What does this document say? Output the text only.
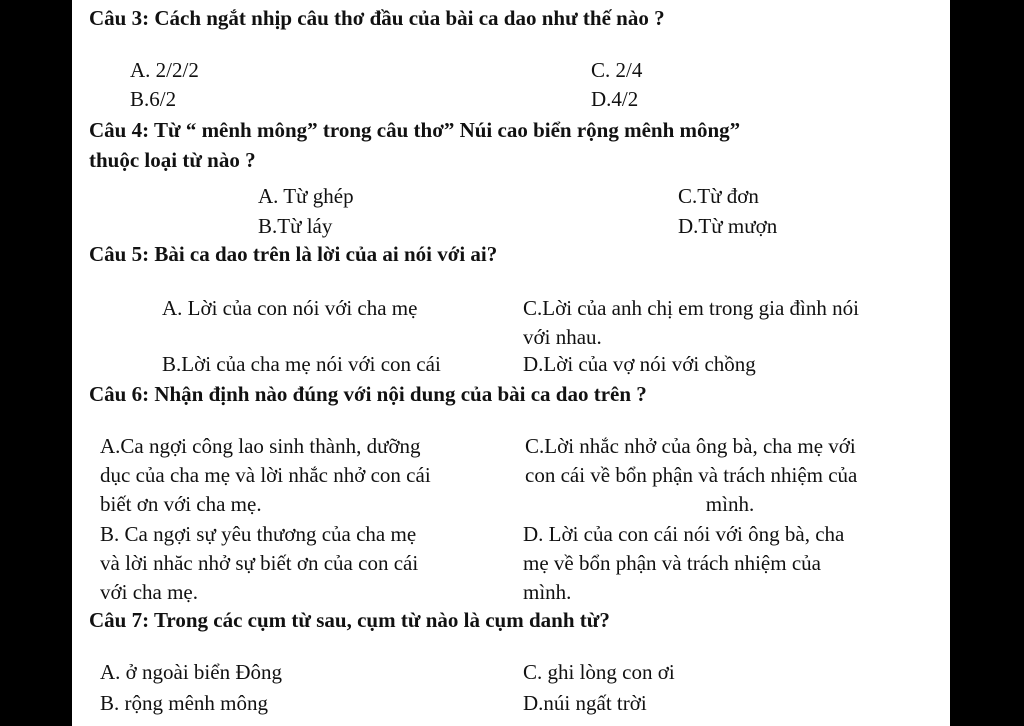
Câu 3: Cách ngắt nhịp câu thơ đầu của bài ca dao như thế nào ?
A. 2/2/2
B.6/2
C. 2/4
D.4/2
Câu 4: Từ “ mênh mông” trong câu thơ” Núi cao biển rộng mênh mông”
thuộc loại từ nào ?
A. Từ ghép
B.Từ láy
C.Từ đơn
D.Từ mượn
Câu 5: Bài ca dao trên là lời của ai nói với ai?
A. Lời của con nói với cha mẹ
B.Lời của cha mẹ nói với con cái
C.Lời của anh chị em trong gia đình nói
với nhau.
D.Lời của vợ nói với chồng
Câu 6: Nhận định nào đúng với nội dung của bài ca dao trên ?
A.Ca ngợi công lao sinh thành, dưỡng
dục của cha mẹ và lời nhắc nhở con cái
biết ơn với cha mẹ.
B. Ca ngợi sự yêu thương của cha mẹ
và lời nhăc nhở sự biết ơn của con cái
với cha mẹ.
C.Lời nhắc nhở của ông bà, cha mẹ với
con cái về bổn phận và trách nhiệm của
mình.
D. Lời của con cái nói với ông bà, cha
mẹ về bổn phận và trách nhiệm của
mình.
Câu 7: Trong các cụm từ sau, cụm từ nào là cụm danh từ?
A. ở ngoài biển Đông
B. rộng mênh mông
C. ghi lòng con ơi
D.núi ngất trời
